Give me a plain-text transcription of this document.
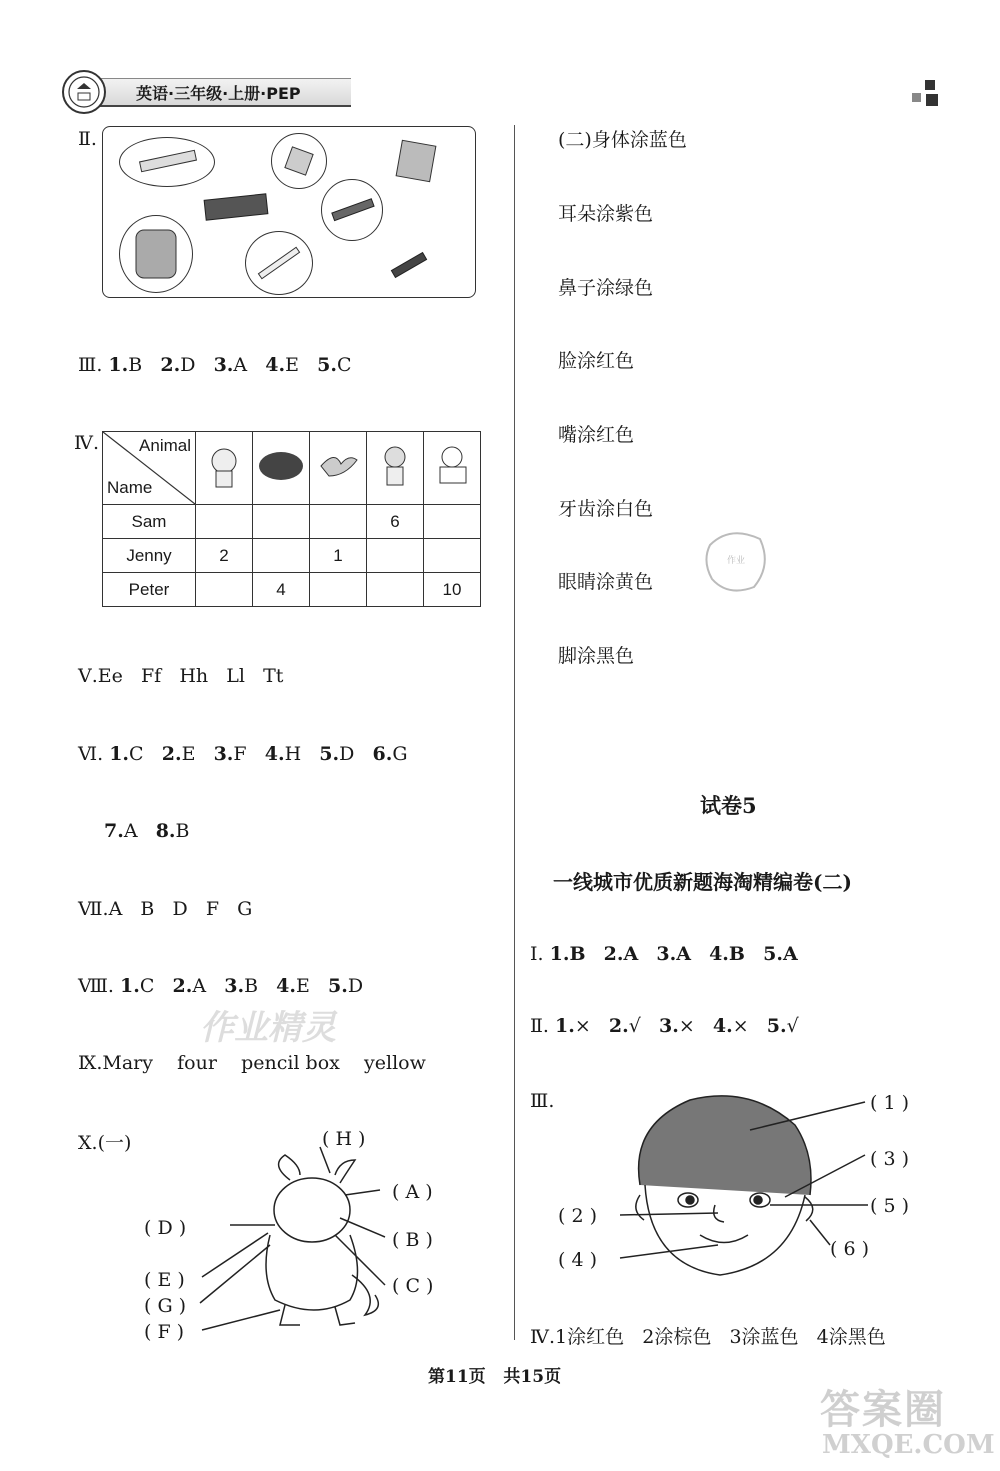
英语·三年级·上册·PEP
Ⅱ.
Ⅲ. 1.B 2.D 3.A 4.E 5.C
Ⅳ. Animal
Name

Sam				6	
Jenny	2		1		
Peter		4			10
Ⅴ.Ee   Ff   Hh   Ll   Tt
Ⅵ. 1.C 2.E 3.F 4.H 5.D 6.G
7.A 8.B
Ⅶ.A   B   D   F   G
Ⅷ. 1.C 2.A 3.B 4.E 5.D
作业精灵
Ⅸ.Mary    four    pencil box    yellow
Ⅹ.(一)	( H )
( A )
( B )
( C )
( D )
( E )
( G )
( F )
(二)身体涂蓝色
耳朵涂紫色
鼻子涂绿色
脸涂红色
嘴涂红色
牙齿涂白色
眼睛涂黄色
脚涂黑色
作业
试卷5
一线城市优质新题海淘精编卷(二)
Ⅰ. 1.B 2.A 3.A 4.B 5.A
Ⅱ. 1.× 2.√ 3.× 4.× 5.√
Ⅲ.	( 1 )
( 3 )
( 5 )
( 2 )
( 6 )
( 4 )
Ⅳ.1涂红色   2涂棕色   3涂蓝色   4涂黑色
第11页   共15页
答案圈
MXQE.COM
